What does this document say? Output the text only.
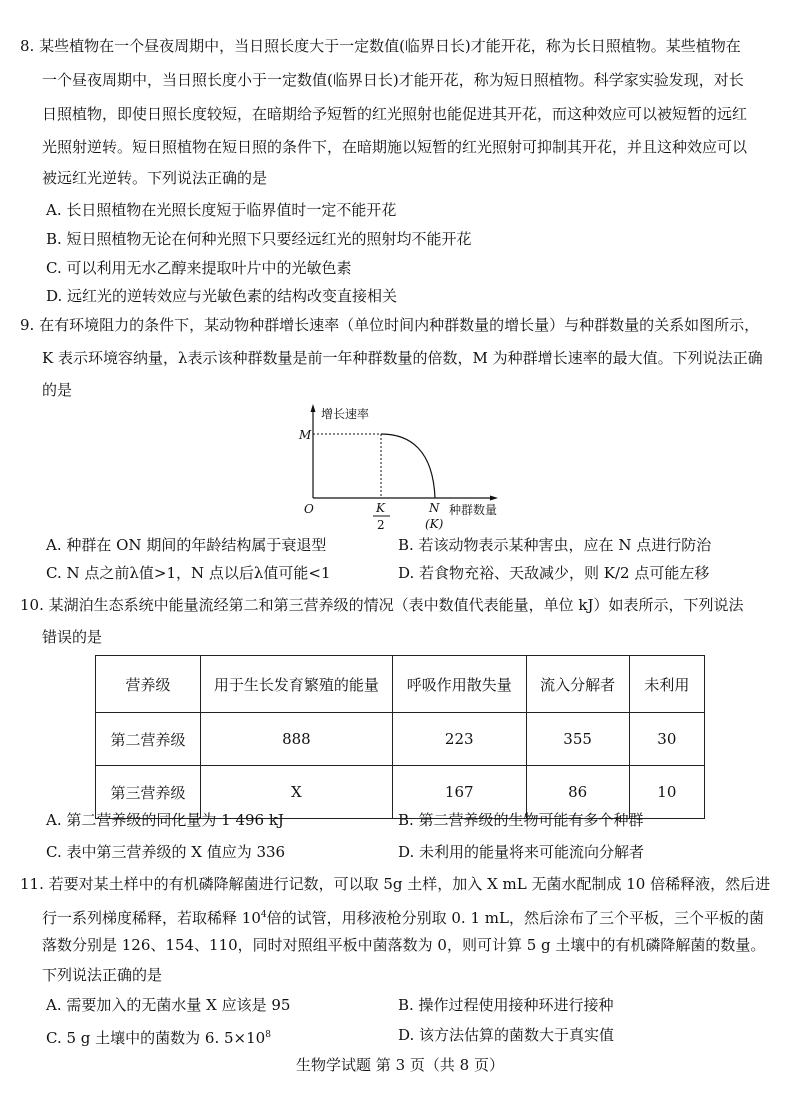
8. 某些植物在一个昼夜周期中，当日照长度大于一定数值(临界日长)才能开花，称为长日照植物。某些植物在
一个昼夜周期中，当日照长度小于一定数值(临界日长)才能开花，称为短日照植物。科学家实验发现，对长
日照植物，即使日照长度较短，在暗期给予短暂的红光照射也能促进其开花，而这种效应可以被短暂的远红
光照射逆转。短日照植物在短日照的条件下，在暗期施以短暂的红光照射可抑制其开花，并且这种效应可以
被远红光逆转。下列说法正确的是
A. 长日照植物在光照长度短于临界值时一定不能开花
B. 短日照植物无论在何种光照下只要经远红光的照射均不能开花
C. 可以利用无水乙醇来提取叶片中的光敏色素
D. 远红光的逆转效应与光敏色素的结构改变直接相关
9. 在有环境阻力的条件下，某动物种群增长速率（单位时间内种群数量的增长量）与种群数量的关系如图所示，
K 表示环境容纳量，λ表示该种群数量是前一年种群数量的倍数，M 为种群增长速率的最大值。下列说法正确
的是
增长速率
M
O	K
2
N
(K)
种群数量
A. 种群在 ON 期间的年龄结构属于衰退型	B. 若该动物表示某种害虫，应在 N 点进行防治
C. N 点之前λ值>1，N 点以后λ值可能<1	D. 若食物充裕、天敌减少，则 K/2 点可能左移
10. 某湖泊生态系统中能量流经第二和第三营养级的情况（表中数值代表能量，单位 kJ）如表所示，下列说法
错误的是
营养级	用于生长发育繁殖的能量	呼吸作用散失量	流入分解者	未利用
第二营养级	888	223	355	30
第三营养级	X	167	86	10
A. 第二营养级的同化量为 1 496 kJ	B. 第二营养级的生物可能有多个种群
C. 表中第三营养级的 X 值应为 336	D. 未利用的能量将来可能流向分解者
11. 若要对某土样中的有机磷降解菌进行记数，可以取 5g 土样，加入 X mL 无菌水配制成 10 倍稀释液，然后进
行一系列梯度稀释，若取稀释 $10^4$倍的试管，用移液枪分别取 0. 1 mL，然后涂布了三个平板，三个平板的菌
落数分别是 126、154、110，同时对照组平板中菌落数为 0，则可计算 5 g 土壤中的有机磷降解菌的数量。
下列说法正确的是
A. 需要加入的无菌水量 X 应该是 95	B. 操作过程使用接种环进行接种
C. 5 g 土壤中的菌数为 6. $5\times 10^8$	D. 该方法估算的菌数大于真实值
生物学试题 第 3 页（共 8 页）
